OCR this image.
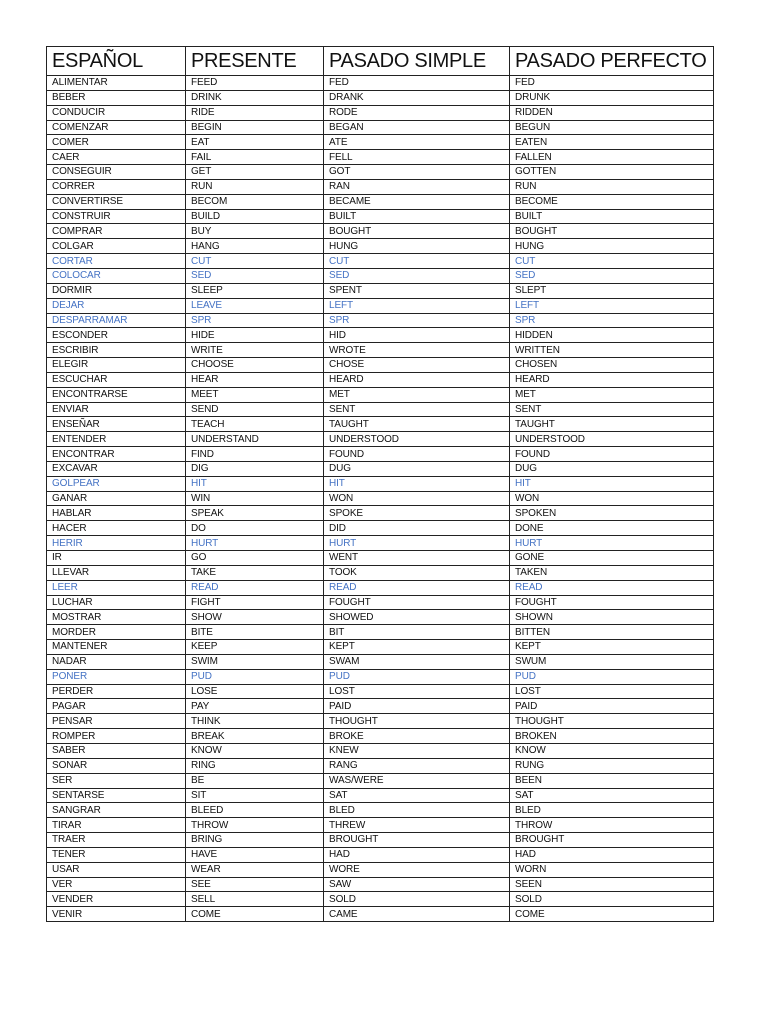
ESPAÑOL	PRESENTE	PASADO SIMPLE	PASADO PERFECTO
ALIMENTAR	FEED	FED	FED
BEBER	DRINK	DRANK	DRUNK
CONDUCIR	RIDE	RODE	RIDDEN
COMENZAR	BEGIN	BEGAN	BEGUN
COMER	EAT	ATE	EATEN
CAER	FAIL	FELL	FALLEN
CONSEGUIR	GET	GOT	GOTTEN
CORRER	RUN	RAN	RUN
CONVERTIRSE	BECOM	BECAME	BECOME
CONSTRUIR	BUILD	BUILT	BUILT
COMPRAR	BUY	BOUGHT	BOUGHT
COLGAR	HANG	HUNG	HUNG
CORTAR	CUT	CUT	CUT
COLOCAR	SED	SED	SED
DORMIR	SLEEP	SPENT	SLEPT
DEJAR	LEAVE	LEFT	LEFT
DESPARRAMAR	SPR	SPR	SPR
ESCONDER	HIDE	HID	HIDDEN
ESCRIBIR	WRITE	WROTE	WRITTEN
ELEGIR	CHOOSE	CHOSE	CHOSEN
ESCUCHAR	HEAR	HEARD	HEARD
ENCONTRARSE	MEET	MET	MET
ENVIAR	SEND	SENT	SENT
ENSEÑAR	TEACH	TAUGHT	TAUGHT
ENTENDER	UNDERSTAND	UNDERSTOOD	UNDERSTOOD
ENCONTRAR	FIND	FOUND	FOUND
EXCAVAR	DIG	DUG	DUG
GOLPEAR	HIT	HIT	HIT
GANAR	WIN	WON	WON
HABLAR	SPEAK	SPOKE	SPOKEN
HACER	DO	DID	DONE
HERIR	HURT	HURT	HURT
IR	GO	WENT	GONE
LLEVAR	TAKE	TOOK	TAKEN
LEER	READ	READ	READ
LUCHAR	FIGHT	FOUGHT	FOUGHT
MOSTRAR	SHOW	SHOWED	SHOWN
MORDER	BITE	BIT	BITTEN
MANTENER	KEEP	KEPT	KEPT
NADAR	SWIM	SWAM	SWUM
PONER	PUD	PUD	PUD
PERDER	LOSE	LOST	LOST
PAGAR	PAY	PAID	PAID
PENSAR	THINK	THOUGHT	THOUGHT
ROMPER	BREAK	BROKE	BROKEN
SABER	KNOW	KNEW	KNOW
SONAR	RING	RANG	RUNG
SER	BE	WAS/WERE	BEEN
SENTARSE	SIT	SAT	SAT
SANGRAR	BLEED	BLED	BLED
TIRAR	THROW	THREW	THROW
TRAER	BRING	BROUGHT	BROUGHT
TENER	HAVE	HAD	HAD
USAR	WEAR	WORE	WORN
VER	SEE	SAW	SEEN
VENDER	SELL	SOLD	SOLD
VENIR	COME	CAME	COME
